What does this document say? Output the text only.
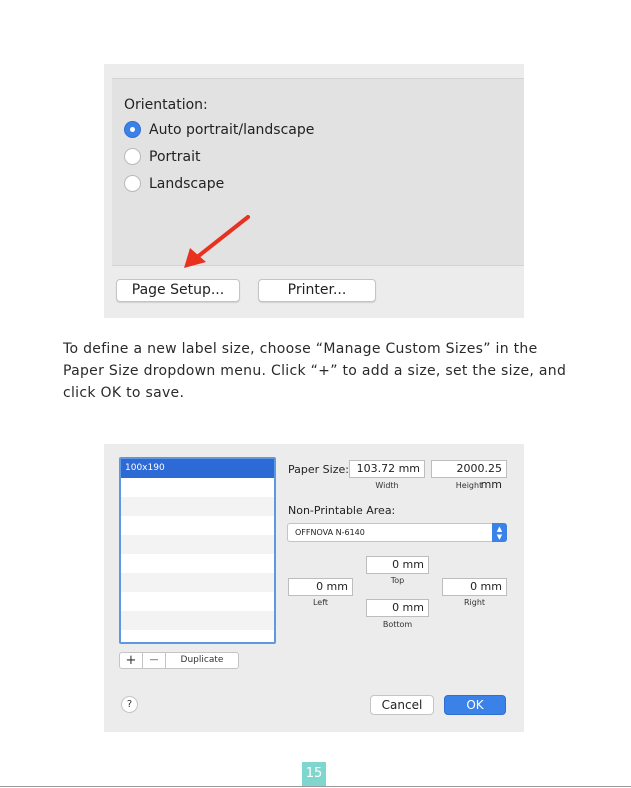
Orientation:
Auto portrait/landscape
Portrait
Landscape
Page Setup...	Printer...
To define a new label size, choose “Manage Custom Sizes” in the Paper Size dropdown menu. Click “+” to add a size, set the size, and click OK to save.
100x190
+	—	Duplicate
Paper Size: 103.72 mm	2000.25 mm
Width	Height
Non-Printable Area:
OFFNOVA N-6140	▲
▼
0 mm
Top
0 mm
Left
0 mm
Right
0 mm
Bottom
?	Cancel	OK
15
